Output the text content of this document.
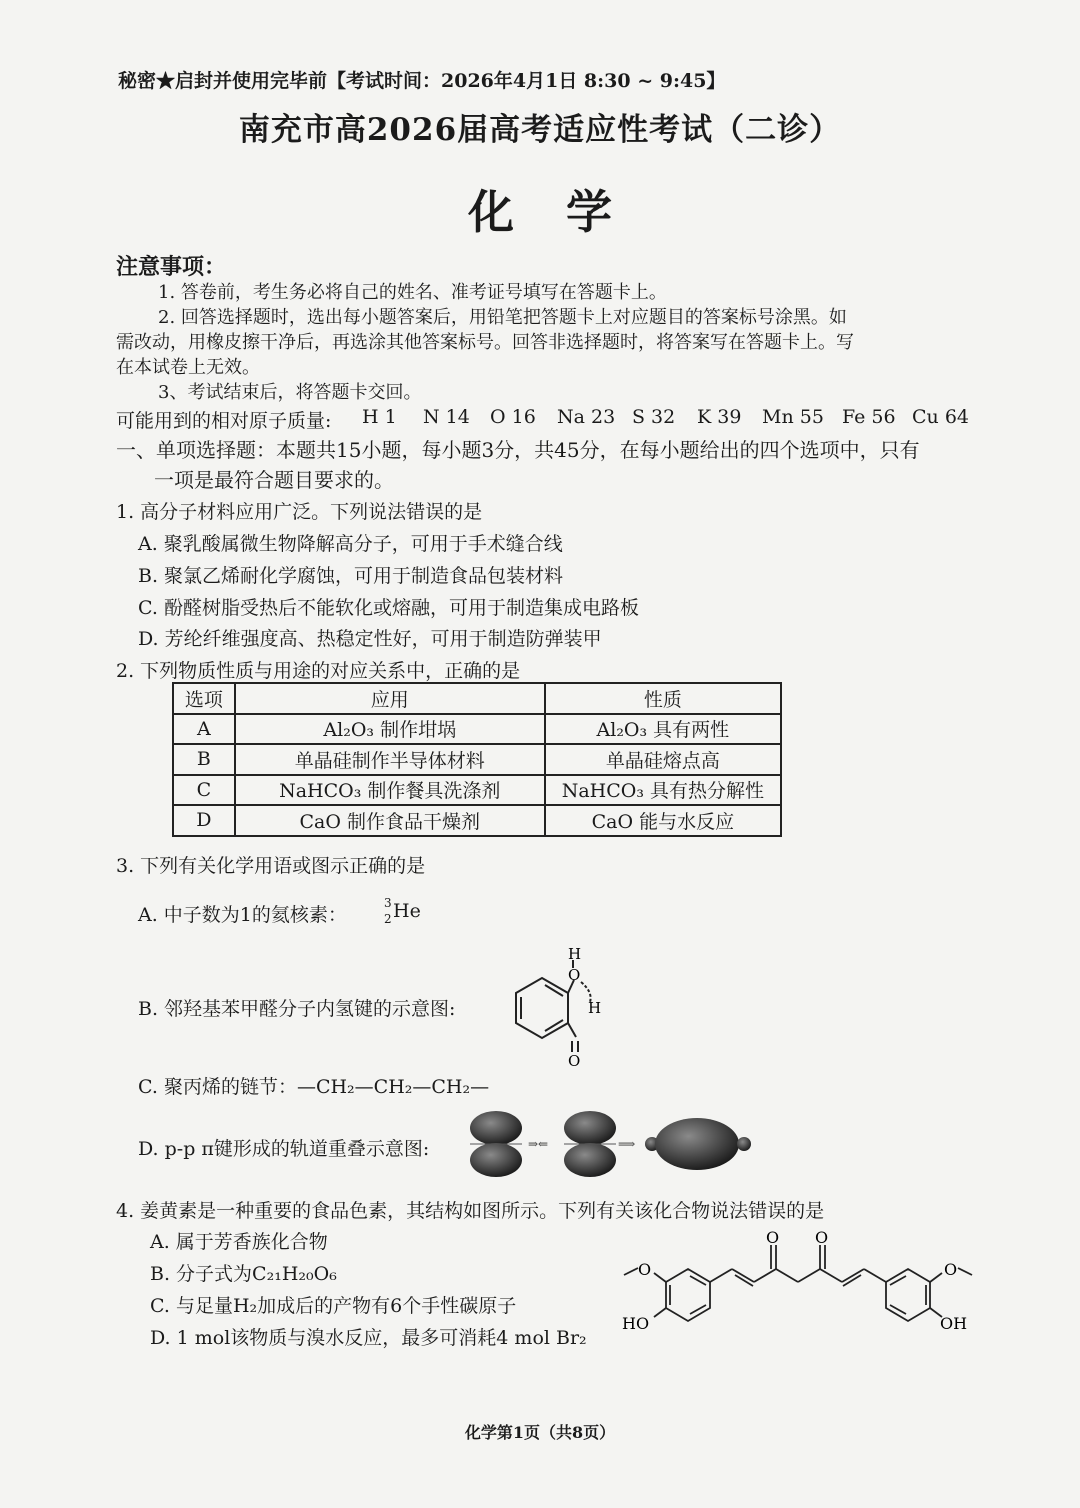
秘密★启封并使用完毕前【考试时间：2026年4月1日 8:30 ~ 9:45】
南充市高2026届高考适应性考试（二诊）
化学
注意事项：
1. 答卷前，考生务必将自己的姓名、准考证号填写在答题卡上。
2. 回答选择题时，选出每小题答案后，用铅笔把答题卡上对应题目的答案标号涂黑。如
需改动，用橡皮擦干净后，再选涂其他答案标号。回答非选择题时，将答案写在答题卡上。写
在本试卷上无效。
3、考试结束后，将答题卡交回。
可能用到的相对原子质量: H 1 N 14 O 16 Na 23 S 32 K 39 Mn 55 Fe 56 Cu 64
一、单项选择题：本题共15小题，每小题3分，共45分，在每小题给出的四个选项中，只有
一项是最符合题目要求的。
1. 高分子材料应用广泛。下列说法错误的是
A. 聚乳酸属微生物降解高分子，可用于手术缝合线
B. 聚氯乙烯耐化学腐蚀，可用于制造食品包装材料
C. 酚醛树脂受热后不能软化或熔融，可用于制造集成电路板
D. 芳纶纤维强度高、热稳定性好，可用于制造防弹装甲
2. 下列物质性质与用途的对应关系中，正确的是
选项	应用	性质
A	Al₂O₃ 制作坩埚	Al₂O₃ 具有两性
B	单晶硅制作半导体材料	单晶硅熔点高
C	NaHCO₃ 制作餐具洗涤剂	NaHCO₃ 具有热分解性
D	CaO 制作食品干燥剂	CaO 能与水反应
3. 下列有关化学用语或图示正确的是
A. 中子数为1的氦核素：
3
2 He
B. 邻羟基苯甲醛分子内氢键的示意图:
H
O
H
O
C. 聚丙烯的链节：—CH₂—CH₂—CH₂—
D. p-p π键形成的轨道重叠示意图:	⇒⇐	⟹
4. 姜黄素是一种重要的食品色素，其结构如图所示。下列有关该化合物说法错误的是
A. 属于芳香族化合物
B. 分子式为C₂₁H₂₀O₆
C. 与足量H₂加成后的产物有6个手性碳原子
D. 1 mol该物质与溴水反应，最多可消耗4 mol Br₂
O
HO
O O
O
OH
化学第1页（共8页）
